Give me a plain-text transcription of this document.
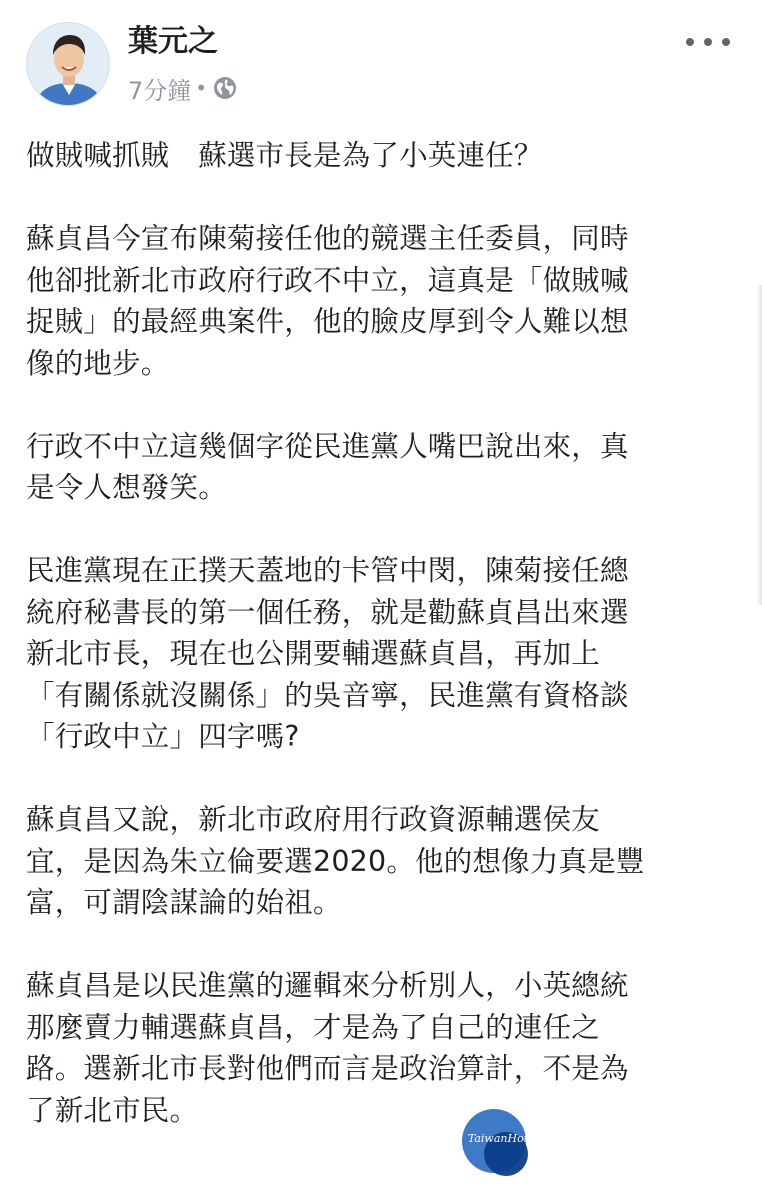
葉元之
7分鐘 •

做賊喊抓賊　蘇選市長是為了小英連任？

蘇貞昌今宣布陳菊接任他的競選主任委員，同時
他卻批新北市政府行政不中立，這真是「做賊喊
捉賊」的最經典案件，他的臉皮厚到令人難以想
像的地步。

行政不中立這幾個字從民進黨人嘴巴說出來，真
是令人想發笑。

民進黨現在正撲天蓋地的卡管中閔，陳菊接任總
統府秘書長的第一個任務，就是勸蘇貞昌出來選
新北市長，現在也公開要輔選蘇貞昌，再加上
「有關係就沒關係」的吳音寧，民進黨有資格談
「行政中立」四字嗎?

蘇貞昌又說，新北市政府用行政資源輔選侯友
宜，是因為朱立倫要選2020。他的想像力真是豐
富，可謂陰謀論的始祖。

蘇貞昌是以民進黨的邏輯來分析別人，小英總統
那麼賣力輔選蘇貞昌，才是為了自己的連任之
路。選新北市長對他們而言是政治算計，不是為
了新北市民。

TaiwanHot
